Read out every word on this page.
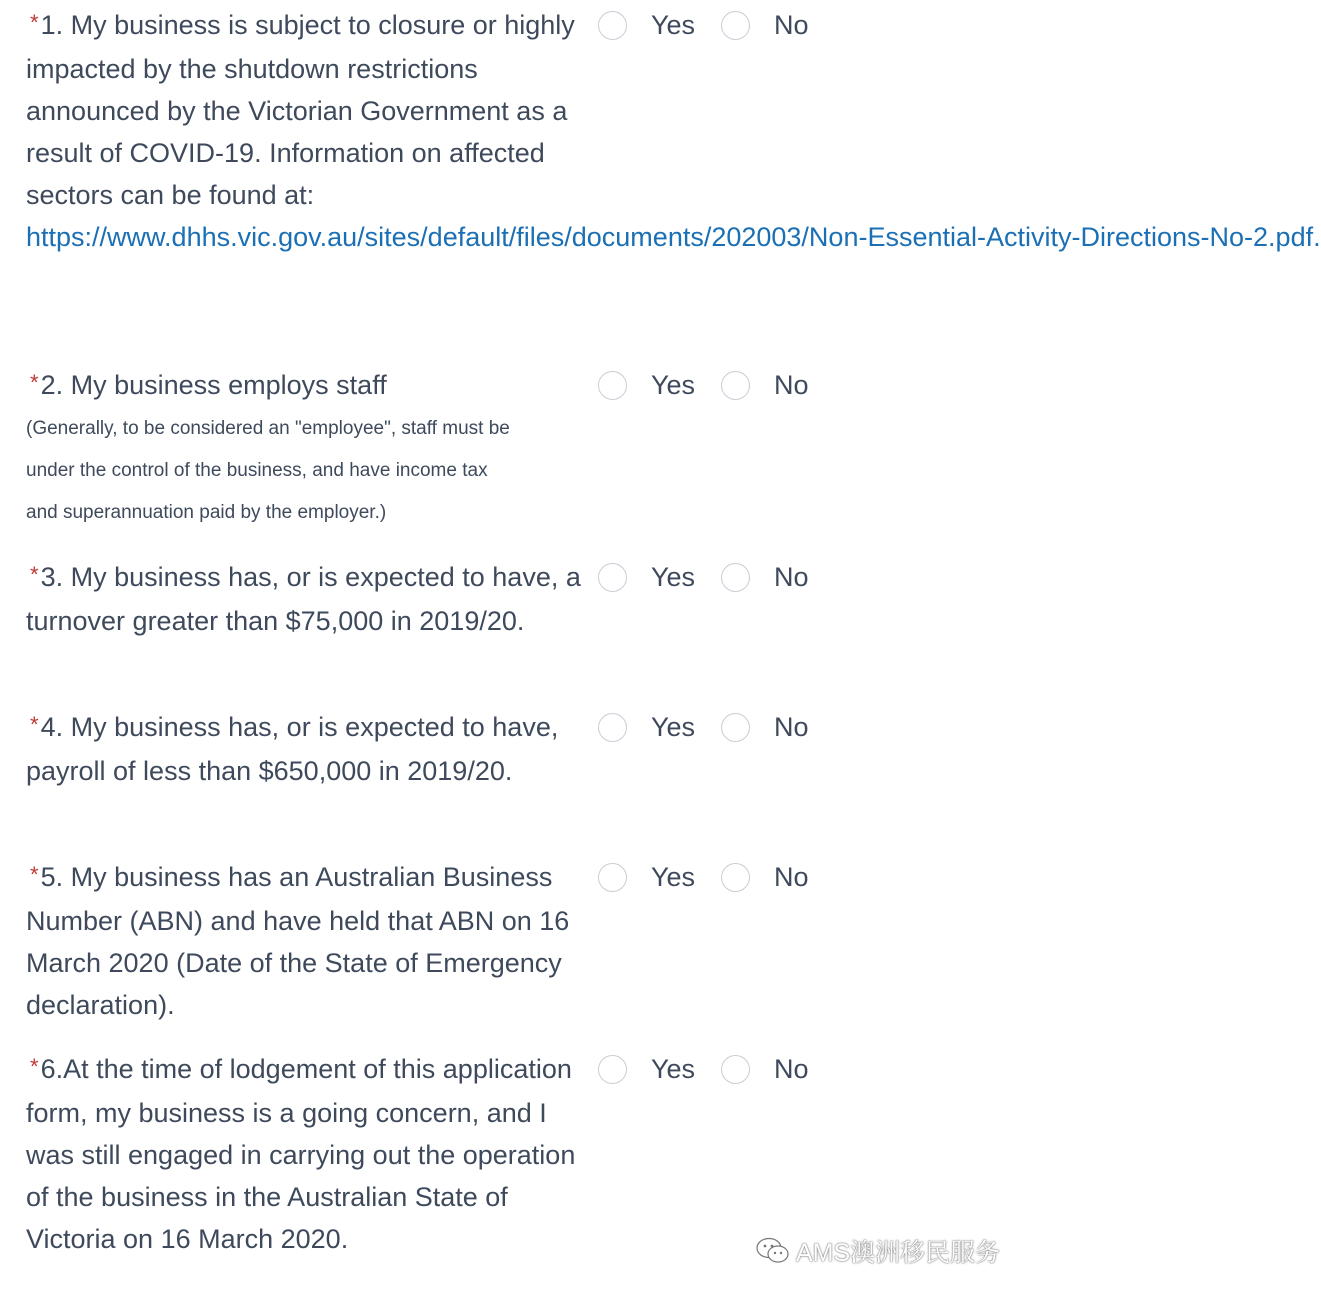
*1. My business is subject to closure or highly impacted by the shutdown restrictions announced by the Victorian Government as a result of COVID-19. Information on affected sectors can be found at:
https://www.dhhs.vic.gov.au/sites/default/files/documents/202003/Non-Essential-Activity-Directions-No-2.pdf.
Yes	No
*2. My business employs staff
(Generally, to be considered an "employee", staff must be
under the control of the business, and have income tax
and superannuation paid by the employer.)
Yes	No
*3. My business has, or is expected to have, a turnover greater than $75,000 in 2019/20.
Yes	No
*4. My business has, or is expected to have, payroll of less than $650,000 in 2019/20.
Yes	No
*5. My business has an Australian Business Number (ABN) and have held that ABN on 16 March 2020 (Date of the State of Emergency declaration).
Yes	No
*6.At the time of lodgement of this application form, my business is a going concern, and I was still engaged in carrying out the operation of the business in the Australian State of Victoria on 16 March 2020.
Yes	No
AMS澳洲移民服务
